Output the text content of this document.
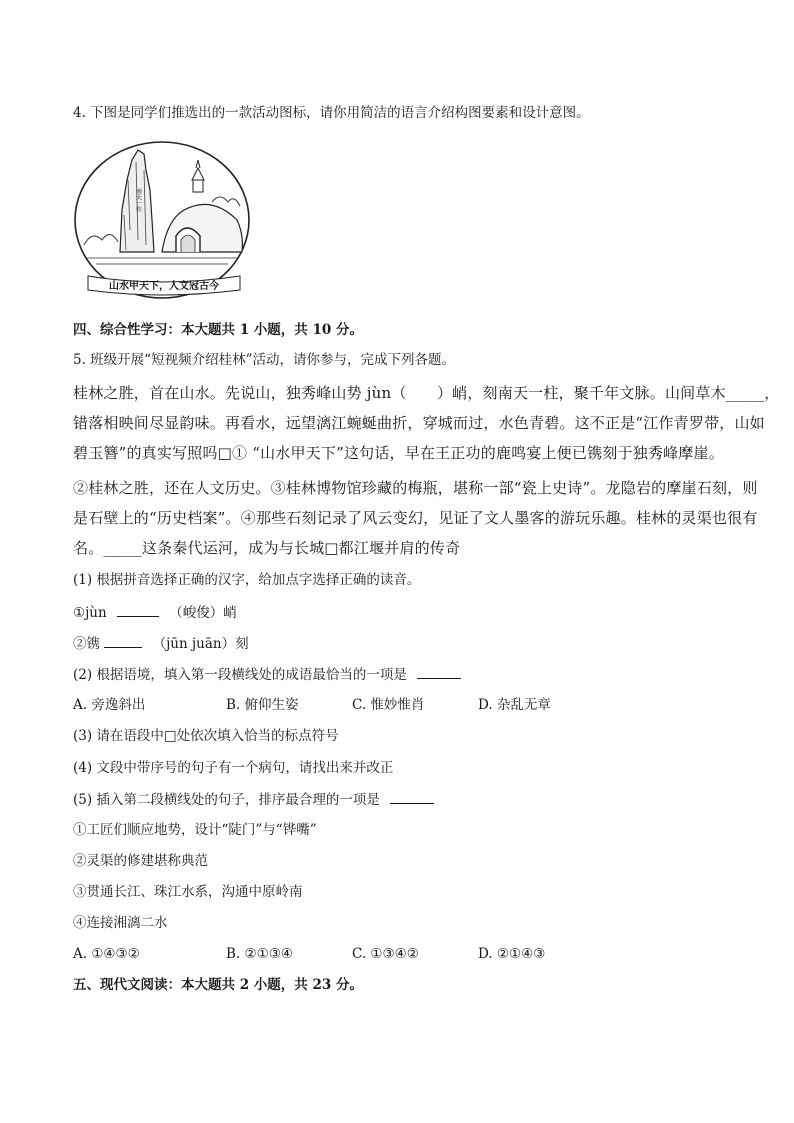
4. 下图是同学们推选出的一款活动图标，请你用简洁的语言介绍构图要素和设计意图。
南天一柱
山水甲天下，人文冠古今
四、综合性学习：本大题共 1 小题，共 10 分。
5. 班级开展“短视频介绍桂林”活动，请你参与，完成下列各题。
桂林之胜，首在山水。先说山，独秀峰山势 jùn（　　）峭，刻南天一柱，聚千年文脉。山间草木_____，
错落相映间尽显韵味。再看水，远望漓江蜿蜒曲折，穿城而过，水色青碧。这不正是“江作青罗带，山如
碧玉簪”的真实写照吗□① “山水甲天下”这句话，早在王正功的鹿鸣宴上便已镌刻于独秀峰摩崖。
②桂林之胜，还在人文历史。③桂林博物馆珍藏的梅瓶，堪称一部“瓷上史诗”。龙隐岩的摩崖石刻，则
是石壁上的“历史档案”。④那些石刻记录了风云变幻，见证了文人墨客的游玩乐趣。桂林的灵渠也很有
名。_____这条秦代运河，成为与长城□都江堰并肩的传奇
(1) 根据拼音选择正确的汉字，给加点字选择正确的读音。
①jùn	（峻俊）峭
②镌	（jūn juān）刻
(2) 根据语境，填入第一段横线处的成语最恰当的一项是
A. 旁逸斜出	B. 俯仰生姿	C. 惟妙惟肖	D. 杂乱无章
(3) 请在语段中□处依次填入恰当的标点符号
(4) 文段中带序号的句子有一个病句，请找出来并改正
(5) 插入第二段横线处的句子，排序最合理的一项是
①工匠们顺应地势，设计“陡门”与“铧嘴”
②灵渠的修建堪称典范
③贯通长江、珠江水系，沟通中原岭南
④连接湘漓二水
A. ①④③②	B. ②①③④	C. ①③④②	D. ②①④③
五、现代文阅读：本大题共 2 小题，共 23 分。
